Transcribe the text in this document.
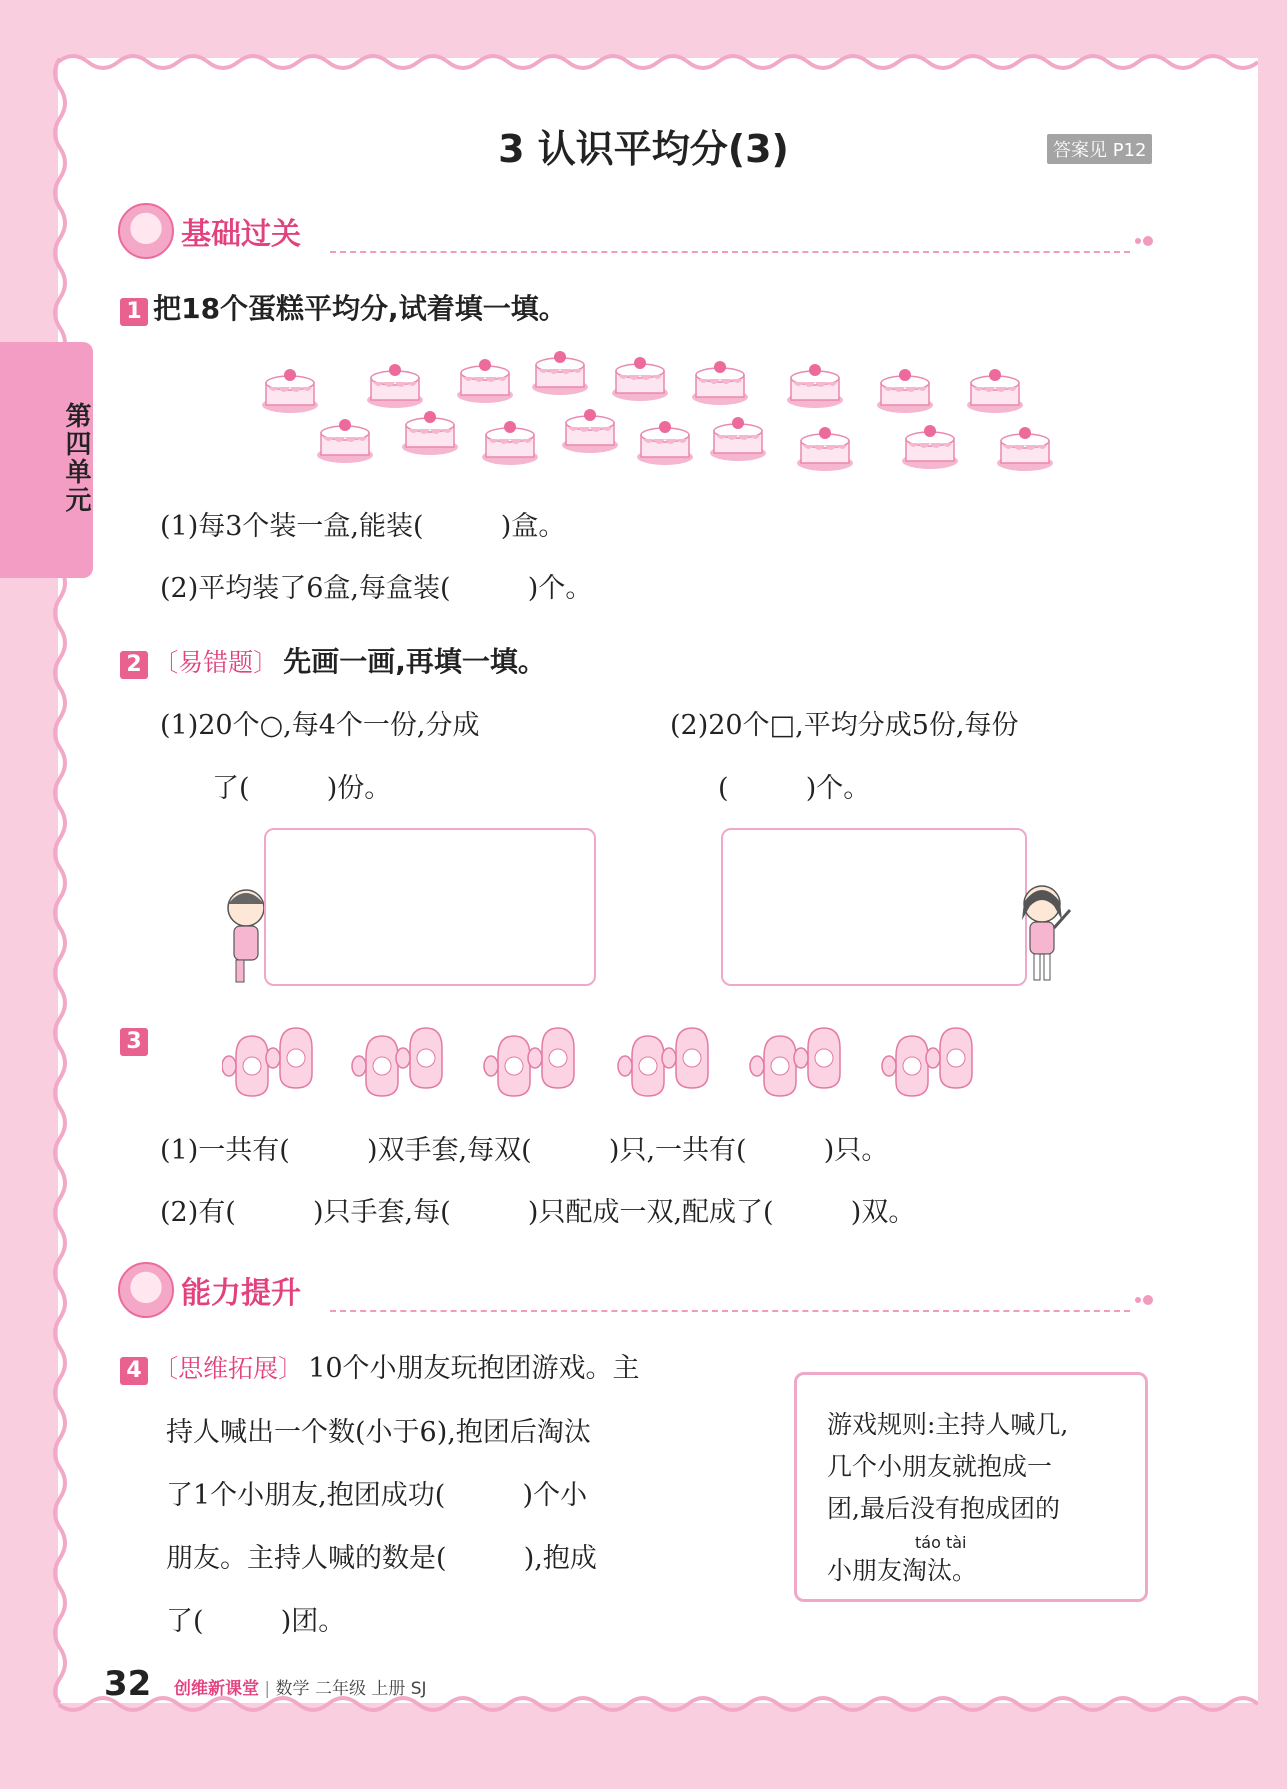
第四单元
3 认识平均分(3)	答案见 P12
基础过关
1 把18个蛋糕平均分,试着填一填。
(1)每3个装一盒,能装(         )盒。
(2)平均装了6盒,每盒装(         )个。
2 〔易错题〕 先画一画,再填一填。
(1)20个○,每4个一份,分成
了(         )份。
(2)20个□,平均分成5份,每份
(         )个。
3
(1)一共有(         )双手套,每双(         )只,一共有(         )只。
(2)有(         )只手套,每(         )只配成一双,配成了(         )双。
能力提升
4 〔思维拓展〕 10个小朋友玩抱团游戏。主
持人喊出一个数(小于6),抱团后淘汰
了1个小朋友,抱团成功(         )个小
朋友。主持人喊的数是(         ),抱成
了(         )团。
游戏规则:主持人喊几,
几个小朋友就抱成一
团,最后没有抱成团的
táo tài
小朋友淘汰。
32 创维新课堂 | 数学 二年级 上册 SJ
